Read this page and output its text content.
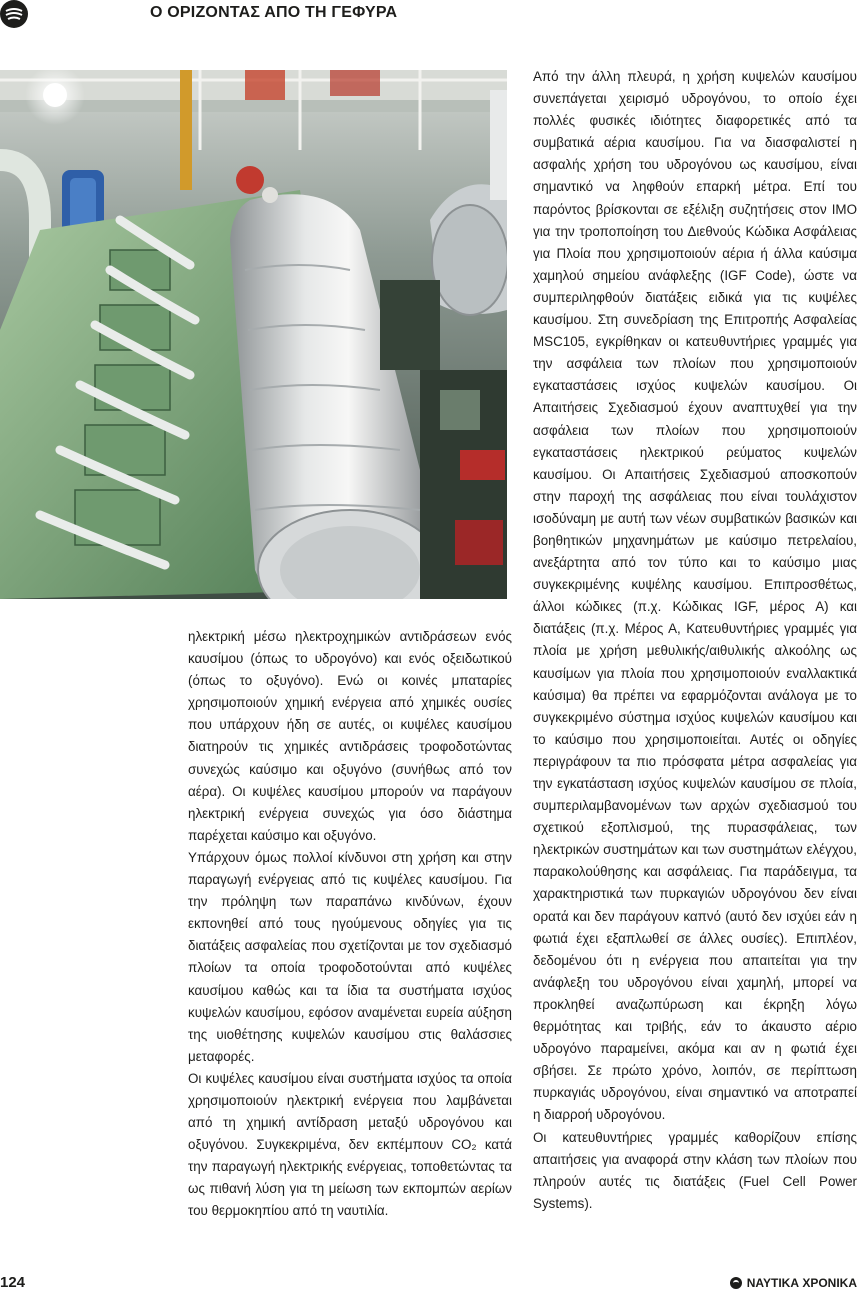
Ο ΟΡΙΖΟΝΤΑΣ ΑΠΟ ΤΗ ΓΕΦΥΡΑ

ηλεκτρική μέσω ηλεκτροχημικών αντιδράσεων ενός καυσίμου (όπως το υδρογόνο) και ενός οξειδωτικού (όπως το οξυγόνο). Ενώ οι κοινές μπαταρίες χρησιμοποιούν χημική ενέργεια από χημικές ουσίες που υπάρχουν ήδη σε αυτές, οι κυψέλες καυσίμου διατηρούν τις χημικές αντιδράσεις τροφοδοτώντας συνεχώς καύσιμο και οξυγόνο (συνήθως από τον αέρα). Οι κυψέλες καυσίμου μπορούν να παράγουν ηλεκτρική ενέργεια συνεχώς για όσο διάστημα παρέχεται καύσιμο και οξυγόνο.

Υπάρχουν όμως πολλοί κίνδυνοι στη χρήση και στην παραγωγή ενέργειας από τις κυψέλες καυσίμου. Για την πρόληψη των παραπάνω κινδύνων, έχουν εκπονηθεί από τους ηγούμενους οδηγίες για τις διατάξεις ασφαλείας που σχετίζονται με τον σχεδιασμό πλοίων τα οποία τροφοδοτούνται από κυψέλες καυσίμου καθώς και τα ίδια τα συστήματα ισχύος κυψελών καυσίμου, εφόσον αναμένεται ευρεία αύξηση της υιοθέτησης κυψελών καυσίμου στις θαλάσσιες μεταφορές.

Οι κυψέλες καυσίμου είναι συστήματα ισχύος τα οποία χρησιμοποιούν ηλεκτρική ενέργεια που λαμβάνεται από τη χημική αντίδραση μεταξύ υδρογόνου και οξυγόνου. Συγκεκριμένα, δεν εκπέμπουν CO₂ κατά την παραγωγή ηλεκτρικής ενέργειας, τοποθετώντας τα ως πιθανή λύση για τη μείωση των εκπομπών αερίων του θερμοκηπίου από τη ναυτιλία.

Από την άλλη πλευρά, η χρήση κυψελών καυσίμου συνεπάγεται χειρισμό υδρογόνου, το οποίο έχει πολλές φυσικές ιδιότητες διαφορετικές από τα συμβατικά αέρια καυσίμου. Για να διασφαλιστεί η ασφαλής χρήση του υδρογόνου ως καυσίμου, είναι σημαντικό να ληφθούν επαρκή μέτρα. Επί του παρόντος βρίσκονται σε εξέλιξη συζητήσεις στον IMO για την τροποποίηση του Διεθνούς Κώδικα Ασφάλειας για Πλοία που χρησιμοποιούν αέρια ή άλλα καύσιμα χαμηλού σημείου ανάφλεξης (IGF Code), ώστε να συμπεριληφθούν διατάξεις ειδικά για τις κυψέλες καυσίμου. Στη συνεδρίαση της Επιτροπής Ασφαλείας MSC105, εγκρίθηκαν οι κατευθυντήριες γραμμές για την ασφάλεια των πλοίων που χρησιμοποιούν εγκαταστάσεις ισχύος κυψελών καυσίμου. Οι Απαιτήσεις Σχεδιασμού έχουν αναπτυχθεί για την ασφάλεια των πλοίων που χρησιμοποιούν εγκαταστάσεις ηλεκτρικού ρεύματος κυψελών καυσίμου. Οι Απαιτήσεις Σχεδιασμού αποσκοπούν στην παροχή της ασφάλειας που είναι τουλάχιστον ισοδύναμη με αυτή των νέων συμβατικών βασικών και βοηθητικών μηχανημάτων με καύσιμο πετρελαίου, ανεξάρτητα από τον τύπο και το καύσιμο μιας συγκεκριμένης κυψέλης καυσίμου. Επιπροσθέτως, άλλοι κώδικες (π.χ. Κώδικας IGF, μέρος Α) και διατάξεις (π.χ. Μέρος Α, Κατευθυντήριες γραμμές για πλοία με χρήση μεθυλικής/αιθυλικής αλκοόλης ως καυσίμων για πλοία που χρησιμοποιούν εναλλακτικά καύσιμα) θα πρέπει να εφαρμόζονται ανάλογα με το συγκεκριμένο σύστημα ισχύος κυψελών καυσίμου και το καύσιμο που χρησιμοποιείται. Αυτές οι οδηγίες περιγράφουν τα πιο πρόσφατα μέτρα ασφαλείας για την εγκατάσταση ισχύος κυψελών καυσίμου σε πλοία, συμπεριλαμβανομένων των αρχών σχεδιασμού του σχετικού εξοπλισμού, της πυρασφάλειας, των ηλεκτρικών συστημάτων και των συστημάτων ελέγχου, παρακολούθησης και ασφάλειας. Για παράδειγμα, τα χαρακτηριστικά των πυρκαγιών υδρογόνου δεν είναι ορατά και δεν παράγουν καπνό (αυτό δεν ισχύει εάν η φωτιά έχει εξαπλωθεί σε άλλες ουσίες). Επιπλέον, δεδομένου ότι η ενέργεια που απαιτείται για την ανάφλεξη του υδρογόνου είναι χαμηλή, μπορεί να προκληθεί αναζωπύρωση και έκρηξη λόγω θερμότητας και τριβής, εάν το άκαυστο αέριο υδρογόνο παραμείνει, ακόμα και αν η φωτιά έχει σβήσει. Σε πρώτο χρόνο, λοιπόν, σε περίπτωση πυρκαγιάς υδρογόνου, είναι σημαντικό να αποτραπεί η διαρροή υδρογόνου.

Οι κατευθυντήριες γραμμές καθορίζουν επίσης απαιτήσεις για αναφορά στην κλάση των πλοίων που πληρούν αυτές τις διατάξεις (Fuel Cell Power Systems).

124	ΝΑΥΤΙΚΑ ΧΡΟΝΙΚΑ
